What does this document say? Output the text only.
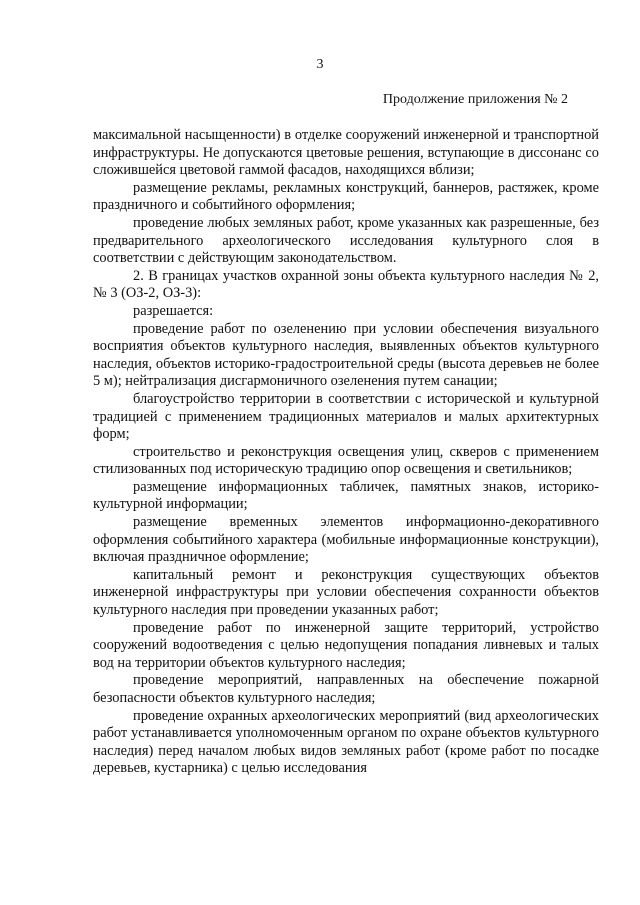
3
Продолжение приложения № 2

максимальной насыщенности) в отделке сооружений инженерной и транспортной инфраструктуры. Не допускаются цветовые решения, вступающие в диссонанс со сложившейся цветовой гаммой фасадов, находящихся вблизи;

размещение рекламы, рекламных конструкций, баннеров, растяжек, кроме праздничного и событийного оформления;

проведение любых земляных работ, кроме указанных как разрешенные, без предварительного археологического исследования культурного слоя в соответствии с действующим законодательством.

2. В границах участков охранной зоны объекта культурного наследия № 2, № 3 (ОЗ-2, ОЗ-3):

разрешается:

проведение работ по озеленению при условии обеспечения визуального восприятия объектов культурного наследия, выявленных объектов культурного наследия, объектов историко-градостроительной среды (высота деревьев не более 5 м); нейтрализация дисгармоничного озеленения путем санации;

благоустройство территории в соответствии с исторической и культурной традицией с применением традиционных материалов и малых архитектурных форм;

строительство и реконструкция освещения улиц, скверов с применением стилизованных под историческую традицию опор освещения и светильников;

размещение информационных табличек, памятных знаков, историко-культурной информации;

размещение временных элементов информационно-декоративного оформления событийного характера (мобильные информационные конструкции), включая праздничное оформление;

капитальный ремонт и реконструкция существующих объектов инженерной инфраструктуры при условии обеспечения сохранности объектов культурного наследия при проведении указанных работ;

проведение работ по инженерной защите территорий, устройство сооружений водоотведения с целью недопущения попадания ливневых и талых вод на территории объектов культурного наследия;

проведение мероприятий, направленных на обеспечение пожарной безопасности объектов культурного наследия;

проведение охранных археологических мероприятий (вид археологических работ устанавливается уполномоченным органом по охране объектов культурного наследия) перед началом любых видов земляных работ (кроме работ по посадке деревьев, кустарника) с целью исследования
